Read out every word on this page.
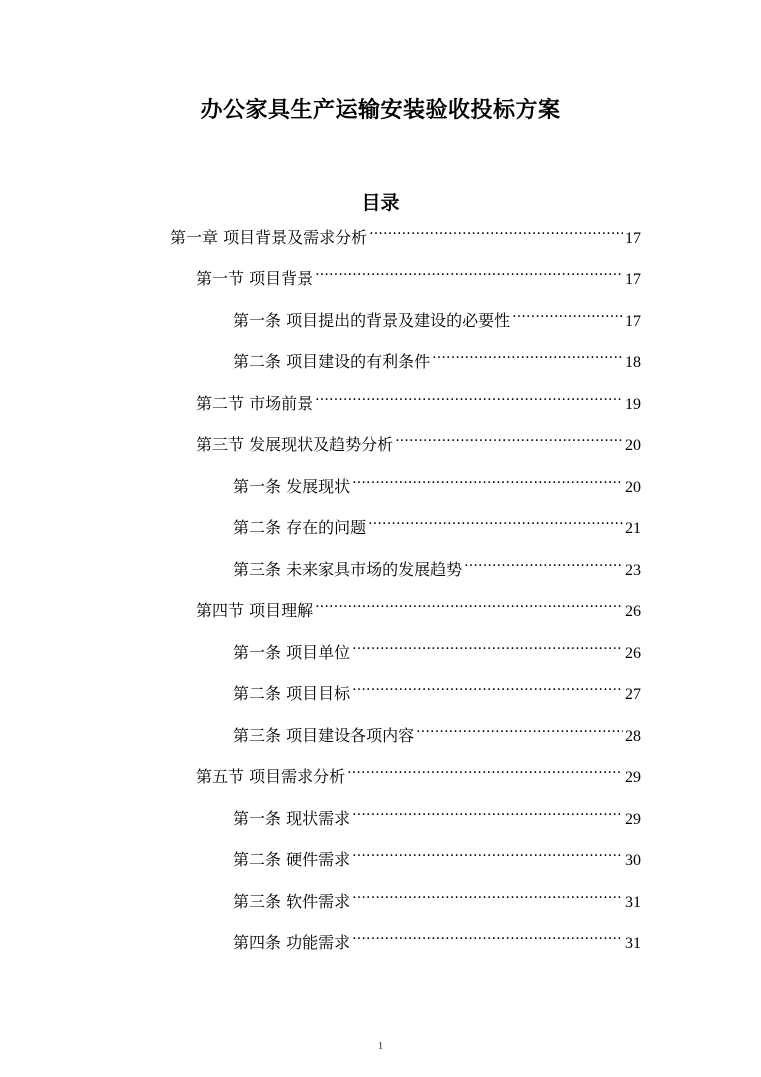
办公家具生产运输安装验收投标方案
目录
第一章 项目背景及需求分析 .....	17
第一节 项目背景 .....	17
第一条 项目提出的背景及建设的必要性 .....	17
第二条 项目建设的有利条件 .....	18
第二节 市场前景 .....	19
第三节 发展现状及趋势分析 .....	20
第一条 发展现状 .....	20
第二条 存在的问题 .....	21
第三条 未来家具市场的发展趋势 .....	23
第四节 项目理解 .....	26
第一条 项目单位 .....	26
第二条 项目目标 .....	27
第三条 项目建设各项内容 .....	28
第五节 项目需求分析 .....	29
第一条 现状需求 .....	29
第二条 硬件需求 .....	30
第三条 软件需求 .....	31
第四条 功能需求 .....	31
1
